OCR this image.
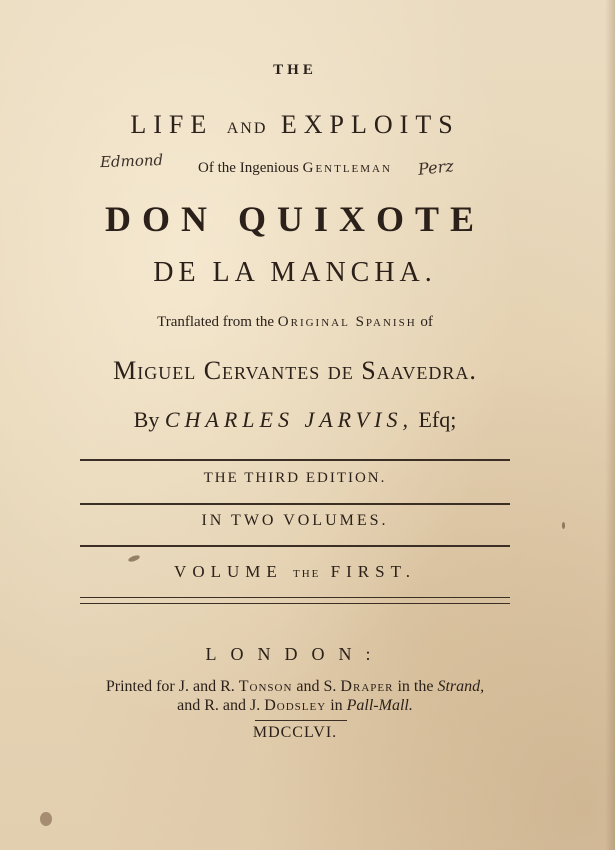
THE
LIFE AND EXPLOITS
Edmond	Perz
Of the Ingenious Gentleman
DON QUIXOTE
DE LA MANCHA.
Tranflated from the Original Spanish of
Miguel Cervantes de Saavedra.
By CHARLES JARVIS, Efq;
THE THIRD EDITION.
IN TWO VOLUMES.
VOLUME THE FIRST.
LONDON:
Printed for J. and R. Tonson and S. Draper in the Strand,
and R. and J. Dodsley in Pall-Mall.
MDCCLVI.
